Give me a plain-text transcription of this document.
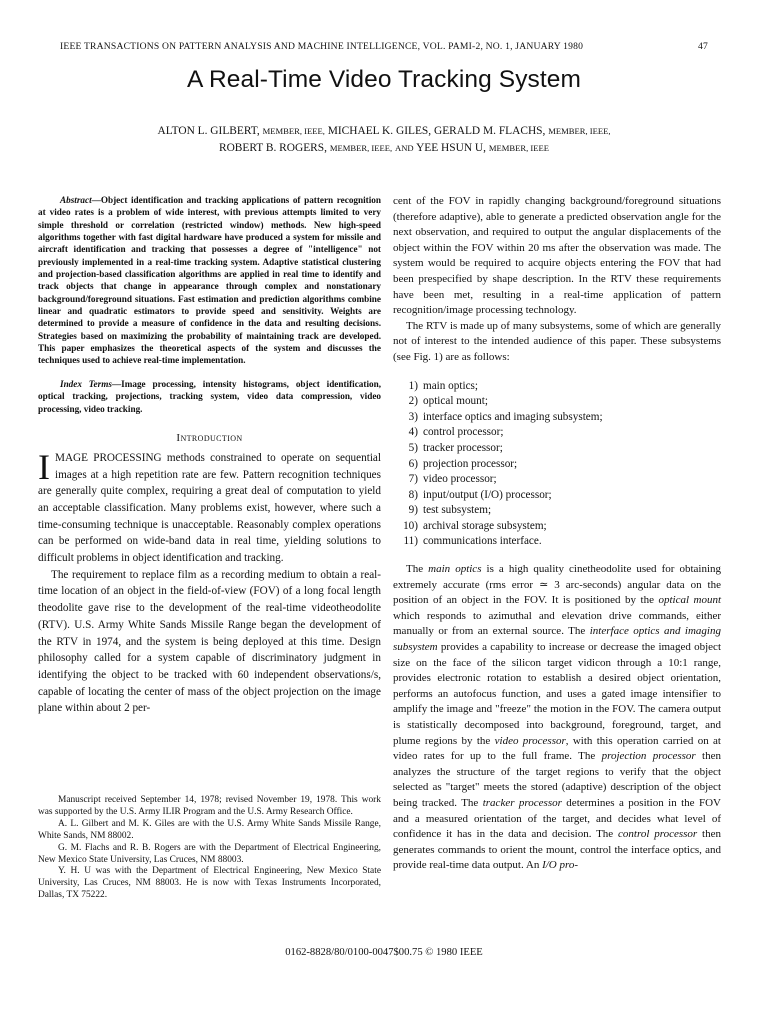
IEEE TRANSACTIONS ON PATTERN ANALYSIS AND MACHINE INTELLIGENCE, VOL. PAMI-2, NO. 1, JANUARY 1980	47
A Real-Time Video Tracking System
ALTON L. GILBERT, MEMBER, IEEE, MICHAEL K. GILES, GERALD M. FLACHS, MEMBER, IEEE,
ROBERT B. ROGERS, MEMBER, IEEE, AND YEE HSUN U, MEMBER, IEEE

Abstract—Object identification and tracking applications of pattern recognition at video rates is a problem of wide interest, with previous attempts limited to very simple threshold or correlation (restricted window) methods. New high-speed algorithms together with fast digital hardware have produced a system for missile and aircraft identification and tracking that possesses a degree of "intelligence" not previously implemented in a real-time tracking system. Adaptive statistical clustering and projection-based classification algorithms are applied in real time to identify and track objects that change in appearance through complex and nonstationary background/foreground situations. Fast estimation and prediction algorithms combine linear and quadratic estimators to provide speed and sensitivity. Weights are determined to provide a measure of confidence in the data and resulting decisions. Strategies based on maximizing the probability of maintaining track are developed. This paper emphasizes the theoretical aspects of the system and discusses the techniques used to achieve real-time implementation.

Index Terms—Image processing, intensity histograms, object identification, optical tracking, projections, tracking system, video data compression, video processing, video tracking.

Introduction

IMAGE PROCESSING methods constrained to operate on sequential images at a high repetition rate are few. Pattern recognition techniques are generally quite complex, requiring a great deal of computation to yield an acceptable classification. Many problems exist, however, where such a time-consuming technique is unacceptable. Reasonably complex operations can be performed on wide-band data in real time, yielding solutions to difficult problems in object identification and tracking.

The requirement to replace film as a recording medium to obtain a real-time location of an object in the field-of-view (FOV) of a long focal length theodolite gave rise to the development of the real-time videotheodolite (RTV). U.S. Army White Sands Missile Range began the development of the RTV in 1974, and the system is being deployed at this time. Design philosophy called for a system capable of discriminatory judgment in identifying the object to be tracked with 60 independent observations/s, capable of locating the center of mass of the object projection on the image plane within about 2 per-

Manuscript received September 14, 1978; revised November 19, 1978. This work was supported by the U.S. Army ILIR Program and the U.S. Army Research Office.

A. L. Gilbert and M. K. Giles are with the U.S. Army White Sands Missile Range, White Sands, NM 88002.

G. M. Flachs and R. B. Rogers are with the Department of Electrical Engineering, New Mexico State University, Las Cruces, NM 88003.

Y. H. U was with the Department of Electrical Engineering, New Mexico State University, Las Cruces, NM 88003. He is now with Texas Instruments Incorporated, Dallas, TX 75222.

cent of the FOV in rapidly changing background/foreground situations (therefore adaptive), able to generate a predicted observation angle for the next observation, and required to output the angular displacements of the object within the FOV within 20 ms after the observation was made. The system would be required to acquire objects entering the FOV that had been prespecified by shape description. In the RTV these requirements have been met, resulting in a real-time application of pattern recognition/image processing technology.

The RTV is made up of many subsystems, some of which are generally not of interest to the intended audience of this paper. These subsystems (see Fig. 1) are as follows:

1) main optics;
2) optical mount;
3) interface optics and imaging subsystem;
4) control processor;
5) tracker processor;
6) projection processor;
7) video processor;
8) input/output (I/O) processor;
9) test subsystem;
10) archival storage subsystem;
11) communications interface.

The main optics is a high quality cinetheodolite used for obtaining extremely accurate (rms error ≃ 3 arc-seconds) angular data on the position of an object in the FOV. It is positioned by the optical mount which responds to azimuthal and elevation drive commands, either manually or from an external source. The interface optics and imaging subsystem provides a capability to increase or decrease the imaged object size on the face of the silicon target vidicon through a 10:1 range, provides electronic rotation to establish a desired object orientation, performs an autofocus function, and uses a gated image intensifier to amplify the image and "freeze" the motion in the FOV. The camera output is statistically decomposed into background, foreground, target, and plume regions by the video processor, with this operation carried on at video rates for up to the full frame. The projection processor then analyzes the structure of the target regions to verify that the object selected as "target" meets the stored (adaptive) description of the object being tracked. The tracker processor determines a position in the FOV and a measured orientation of the target, and decides what level of confidence it has in the data and decision. The control processor then generates commands to orient the mount, control the interface optics, and provide real-time data output. An I/O pro-

0162-8828/80/0100-0047$00.75 © 1980 IEEE
